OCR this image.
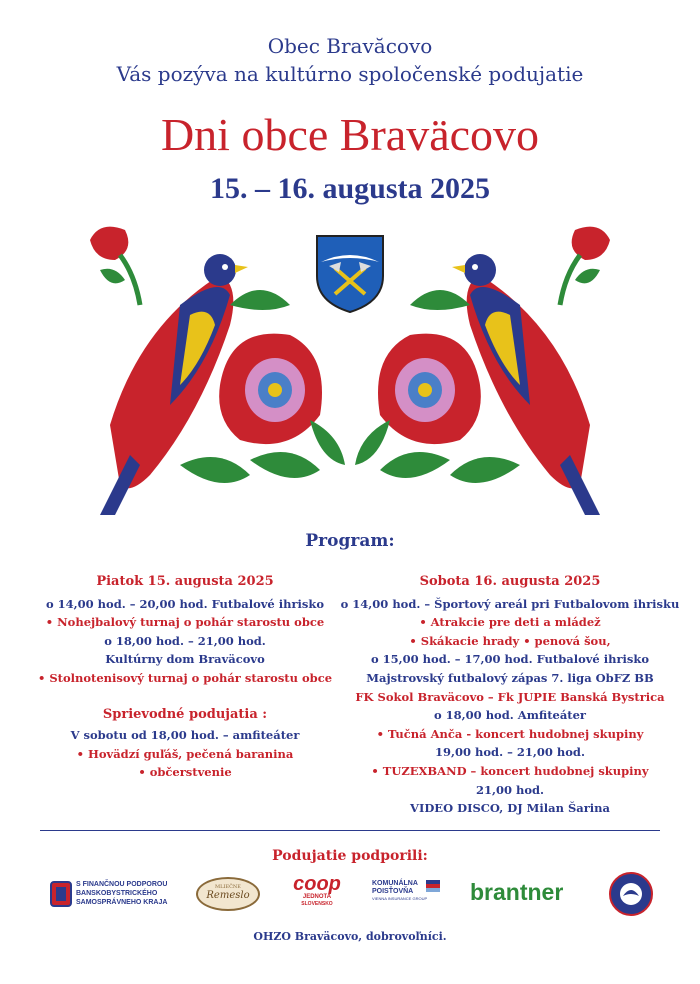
Obec Bravăcovo
Vás pozýva na kultúrno spoločenské podujatie
Dni obce Braväcovo
15. – 16. augusta 2025
Program:
Piatok 15. augusta 2025
o 14,00 hod. – 20,00 hod. Futbalové ihrisko
• Nohejbalový turnaj o pohár starostu obce
o 18,00 hod. – 21,00 hod.
Kultúrny dom Braväcovo
• Stolnotenisový turnaj o pohár starostu obce
Sprievodné podujatia :
V sobotu od 18,00 hod. – amfiteáter
• Hovädzí guľáš, pečená baranina
• občerstvenie
Sobota 16. augusta 2025
o 14,00 hod. – Športový areál pri Futbalovom ihrisku
• Atrakcie pre deti a mládež
• Skákacie hrady • penová šou,
o 15,00 hod. – 17,00 hod. Futbalové ihrisko
Majstrovský futbalový zápas 7. liga ObFZ BB
FK Sokol Braväcovo – Fk JUPIE Banská Bystrica
o 18,00 hod. Amfiteáter
• Tučná Anča - koncert hudobnej skupiny
19,00 hod. – 21,00 hod.
• TUZEXBAND – koncert hudobnej skupiny
21,00 hod.
VIDEO DISCO, DJ Milan Šarina
Podujatie podporili:
S FINANČNOU PODPOROU
BANSKOBYSTRICKÉHO
SAMOSPRÁVNEHO KRAJA
MLIEČNE
Remeslo
coop
JEDNOTA
SLOVENSKO
KOMUNÁLNA
POISŤOVŇA
VIENNA INSURANCE GROUP	brantner
OHZO Braväcovo, dobrovoľníci.
